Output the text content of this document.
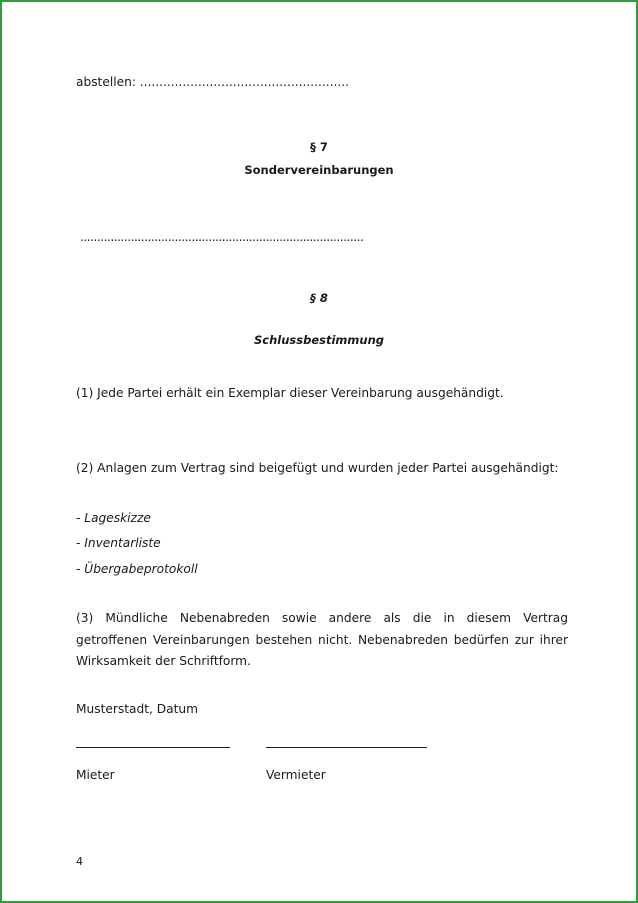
abstellen: ......................................................
§ 7
Sondervereinbarungen
....................................................................................
§ 8
Schlussbestimmung
(1) Jede Partei erhält ein Exemplar dieser Vereinbarung ausgehändigt.
(2) Anlagen zum Vertrag sind beigefügt und wurden jeder Partei ausgehändigt:
- Lageskizze
- Inventarliste
- Übergabeprotokoll
(3) Mündliche Nebenabreden sowie andere als die in diesem Vertrag getroffenen Vereinbarungen bestehen nicht. Nebenabreden bedürfen zur ihrer Wirksamkeit der Schriftform.
Musterstadt, Datum
Mieter	Vermieter
4
